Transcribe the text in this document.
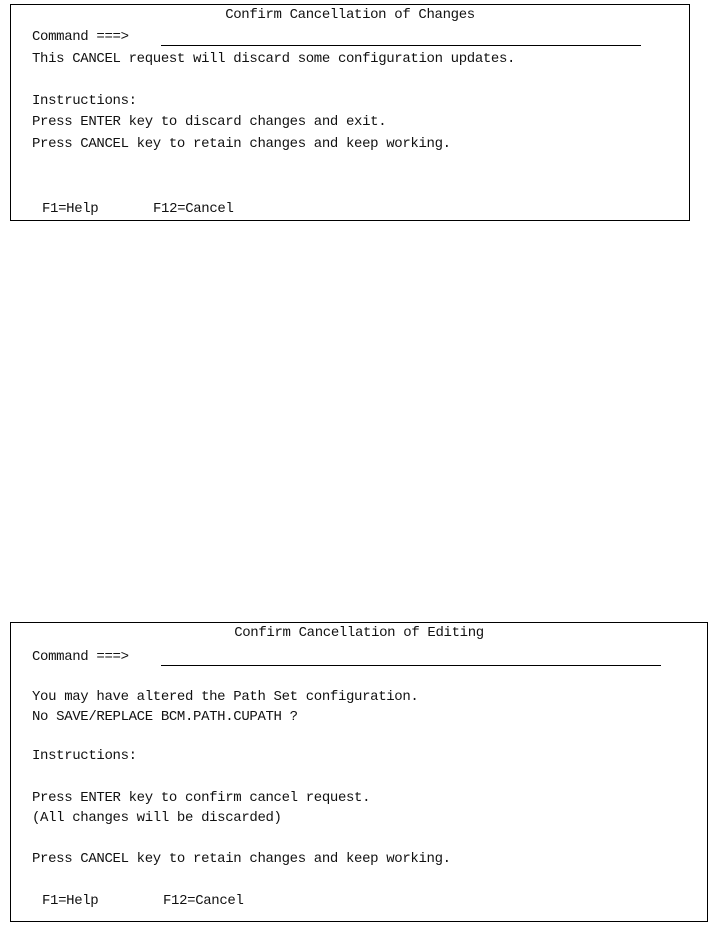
Confirm Cancellation of Changes
Command ===>
This CANCEL request will discard some configuration updates.
Instructions:
Press ENTER key to discard changes and exit.
Press CANCEL key to retain changes and keep working.
F1=Help	F12=Cancel
Confirm Cancellation of Editing
Command ===>
You may have altered the Path Set configuration.
No SAVE/REPLACE BCM.PATH.CUPATH ?
Instructions:
Press ENTER key to confirm cancel request.
(All changes will be discarded)
Press CANCEL key to retain changes and keep working.
F1=Help	F12=Cancel
